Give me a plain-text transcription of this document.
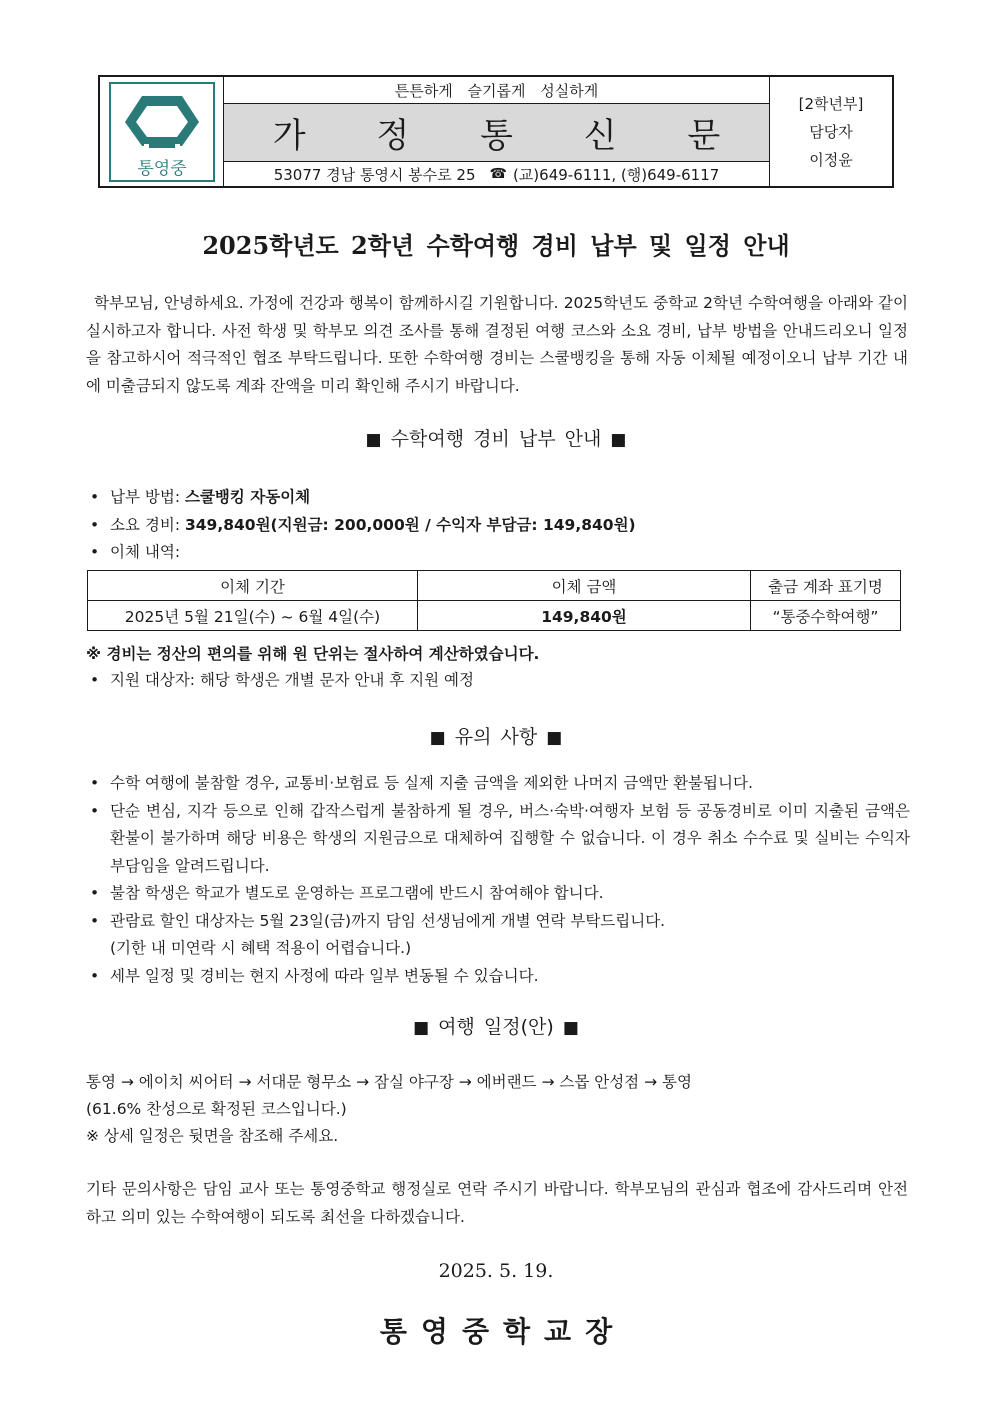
통영중
튼튼하게 슬기롭게 성실하게
가 정 통 신 문
53077 경남 통영시 봉수로 25 ☎ (교)649-6111, (행)649-6117
[2학년부]
담당자
이정윤
2025학년도 2학년 수학여행 경비 납부 및 일정 안내

학부모님, 안녕하세요. 가정에 건강과 행복이 함께하시길 기원합니다. 2025학년도 중학교 2학년 수학여행을 아래와 같이 실시하고자 합니다. 사전 학생 및 학부모 의견 조사를 통해 결정된 여행 코스와 소요 경비, 납부 방법을 안내드리오니 일정을 참고하시어 적극적인 협조 부탁드립니다. 또한 수학여행 경비는 스쿨뱅킹을 통해 자동 이체될 예정이오니 납부 기간 내에 미출금되지 않도록 계좌 잔액을 미리 확인해 주시기 바랍니다.

■ 수학여행 경비 납부 안내 ■
• 납부 방법: 스쿨뱅킹 자동이체
• 소요 경비: 349,840원(지원금: 200,000원 / 수익자 부담금: 149,840원)
• 이체 내역:
이체 기간	이체 금액	출금 계좌 표기명
2025년 5월 21일(수) ~ 6월 4일(수)	149,840원	“통중수학여행”
※ 경비는 정산의 편의를 위해 원 단위는 절사하여 계산하였습니다.
• 지원 대상자: 해당 학생은 개별 문자 안내 후 지원 예정
■ 유의 사항 ■
• 수학 여행에 불참할 경우, 교통비·보험료 등 실제 지출 금액을 제외한 나머지 금액만 환불됩니다.
• 단순 변심, 지각 등으로 인해 갑작스럽게 불참하게 될 경우, 버스·숙박·여행자 보험 등 공동경비로 이미 지출된 금액은 환불이 불가하며 해당 비용은 학생의 지원금으로 대체하여 집행할 수 없습니다. 이 경우 취소 수수료 및 실비는 수익자 부담임을 알려드립니다.
• 불참 학생은 학교가 별도로 운영하는 프로그램에 반드시 참여해야 합니다.
• 관람료 할인 대상자는 5월 23일(금)까지 담임 선생님에게 개별 연락 부탁드립니다.
(기한 내 미연락 시 혜택 적용이 어렵습니다.)
• 세부 일정 및 경비는 현지 사정에 따라 일부 변동될 수 있습니다.
■ 여행 일정(안) ■
통영 → 에이치 씨어터 → 서대문 형무소 → 잠실 야구장 → 에버랜드 → 스몹 안성점 → 통영
(61.6% 찬성으로 확정된 코스입니다.)
※ 상세 일정은 뒷면을 참조해 주세요.

기타 문의사항은 담임 교사 또는 통영중학교 행정실로 연락 주시기 바랍니다. 학부모님의 관심과 협조에 감사드리며 안전하고 의미 있는 수학여행이 되도록 최선을 다하겠습니다.

2025. 5. 19.
통영중학교장
